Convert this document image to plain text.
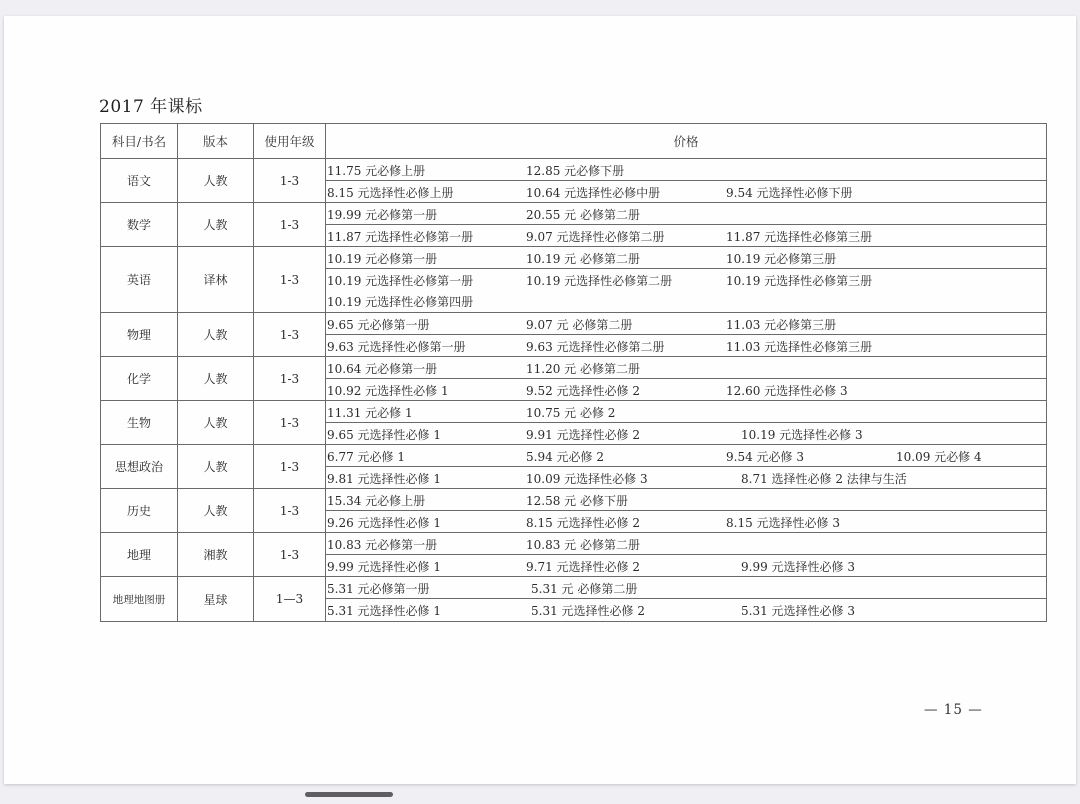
2017 年课标
科目/书名	版本	使用年级	价格
语文	人教	1-3	11.75 元必修上册 12.85 元必修下册

			8.15 元选择性必修上册 10.64 元选择性必修中册 9.54 元选择性必修下册

数学	人教	1-3	19.99 元必修第一册 20.55 元 必修第二册

			11.87 元选择性必修第一册 9.07 元选择性必修第二册 11.87 元选择性必修第三册

英语	译林	1-3	10.19 元必修第一册 10.19 元 必修第二册 10.19 元必修第三册

			10.19 元选择性必修第一册 10.19 元选择性必修第二册 10.19 元选择性必修第三册
10.19 元选择性必修第四册

物理	人教	1-3	9.65 元必修第一册 9.07 元 必修第二册 11.03 元必修第三册

			9.63 元选择性必修第一册 9.63 元选择性必修第二册 11.03 元选择性必修第三册

化学	人教	1-3	10.64 元必修第一册 11.20 元 必修第二册

			10.92 元选择性必修 1 9.52 元选择性必修 2 12.60 元选择性必修 3

生物	人教	1-3	11.31 元必修 1 10.75 元 必修 2

			9.65 元选择性必修 1 9.91 元选择性必修 2 10.19 元选择性必修 3

思想政治	人教	1-3	6.77 元必修 1 5.94 元必修 2 9.54 元必修 3 10.09 元必修 4

			9.81 元选择性必修 1 10.09 元选择性必修 3 8.71 选择性必修 2 法律与生活

历史	人教	1-3	15.34 元必修上册 12.58 元 必修下册

			9.26 元选择性必修 1 8.15 元选择性必修 2 8.15 元选择性必修 3

地理	湘教	1-3	10.83 元必修第一册 10.83 元 必修第二册

			9.99 元选择性必修 1 9.71 元选择性必修 2 9.99 元选择性必修 3

地理地图册	星球	1—3	5.31 元必修第一册 5.31 元 必修第二册

			5.31 元选择性必修 1 5.31 元选择性必修 2 5.31 元选择性必修 3
— 15 —
